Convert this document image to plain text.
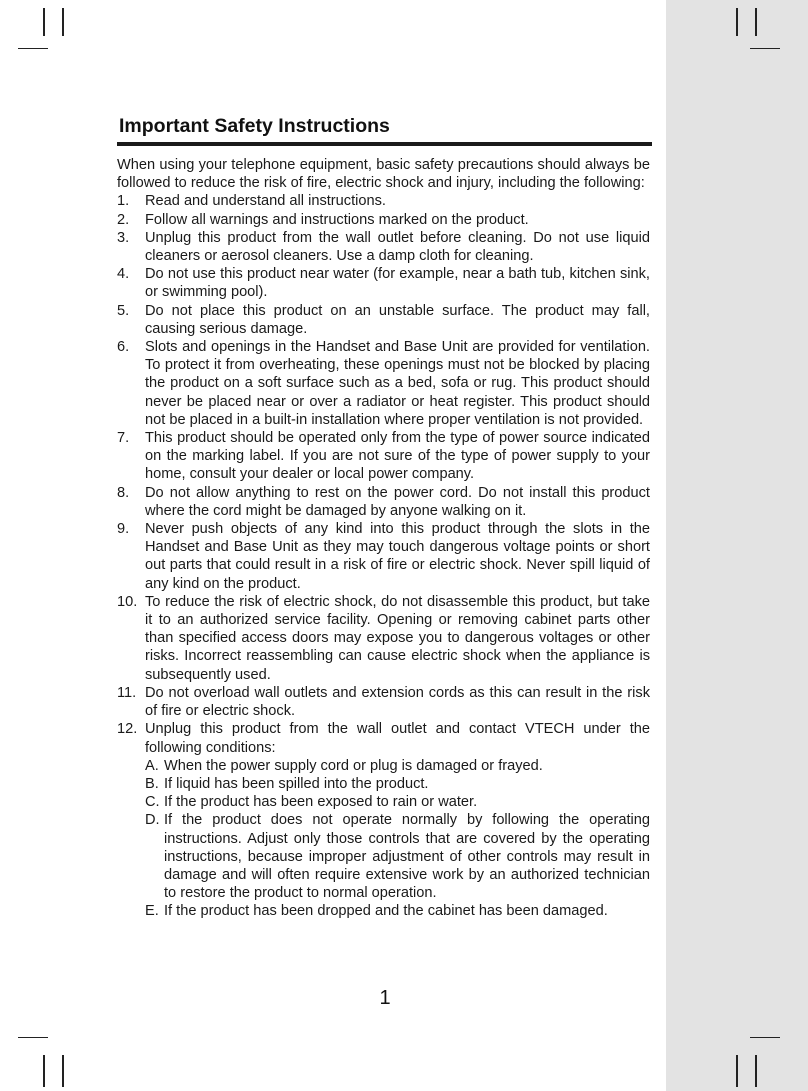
Important Safety Instructions

When using your telephone equipment, basic safety precautions should always be followed to reduce the risk of fire, electric shock and injury, including the following:

1. Read and understand all instructions.
2. Follow all warnings and instructions marked on the product.
3. Unplug this product from the wall outlet before cleaning. Do not use liquid cleaners or aerosol cleaners. Use a damp cloth for cleaning.
4. Do not use this product near water (for example, near a bath tub, kitchen sink, or swimming pool).
5. Do not place this product on an unstable surface. The product may fall, causing serious damage.
6. Slots and openings in the Handset and Base Unit are provided for ventilation. To protect it from overheating, these openings must not be blocked by placing the product on a soft surface such as a bed, sofa or rug. This product should never be placed near or over a radiator or heat register. This product should not be placed in a built-in installation where proper ventilation is not provided.
7. This product should be operated only from the type of power source indicated on the marking label. If you are not sure of the type of power supply to your home, consult your dealer or local power company.
8. Do not allow anything to rest on the power cord. Do not install this product where the cord might be damaged by anyone walking on it.
9. Never push objects of any kind into this product through the slots in the Handset and Base Unit as they may touch dangerous voltage points or short out parts that could result in a risk of fire or electric shock. Never spill liquid of any kind on the product.
10. To reduce the risk of electric shock, do not disassemble this product, but take it to an authorized service facility. Opening or removing cabinet parts other than specified access doors may expose you to dangerous voltages or other risks. Incorrect reassembling can cause electric shock when the appliance is subsequently used.
11. Do not overload wall outlets and extension cords as this can result in the risk of fire or electric shock.
12. Unplug this product from the wall outlet and contact VTECH under the following conditions:
A. When the power supply cord or plug is damaged or frayed.
B. If liquid has been spilled into the product.
C. If the product has been exposed to rain or water.
D. If the product does not operate normally by following the operating instructions. Adjust only those controls that are covered by the operating instructions, because improper adjustment of other controls may result in damage and will often require extensive work by an authorized technician to restore the product to normal operation.
E. If the product has been dropped and the cabinet has been damaged.
1
